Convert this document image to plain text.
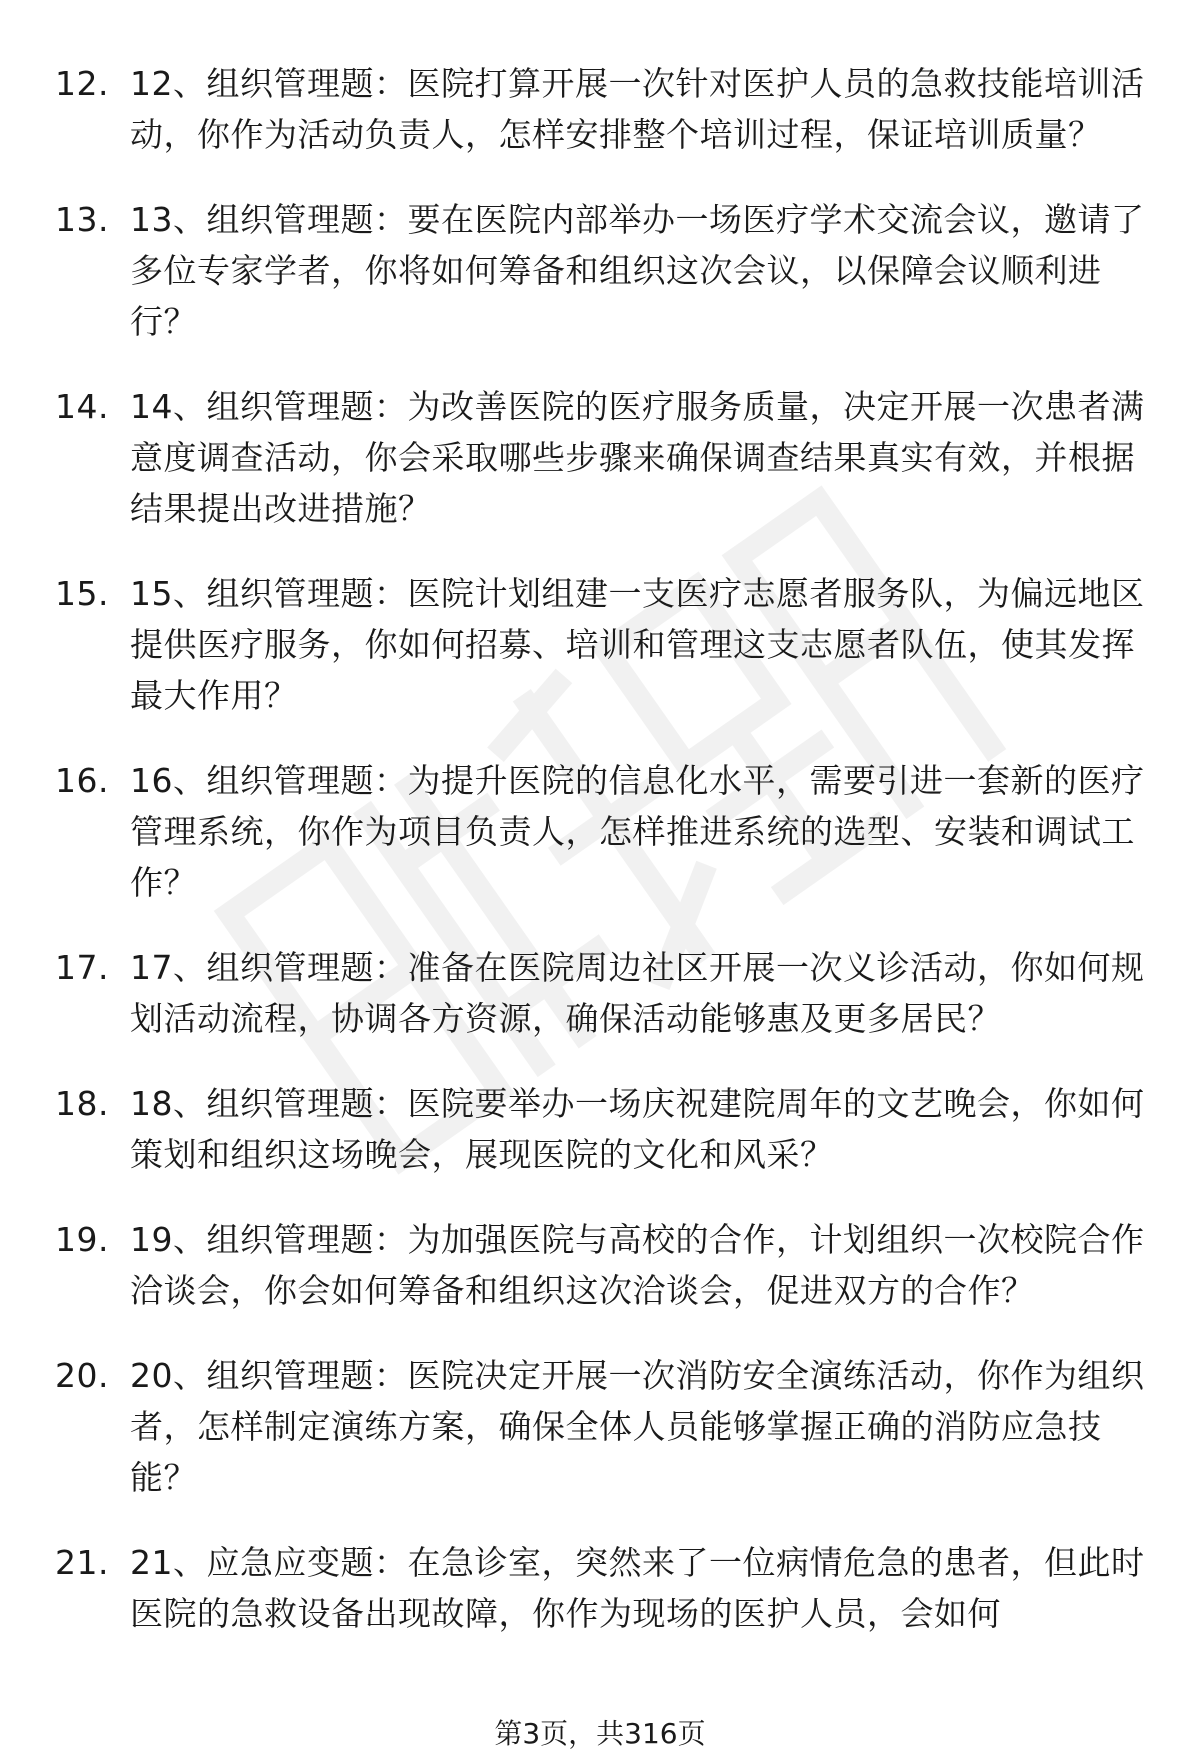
12. 12、组织管理题：医院打算开展一次针对医护人员的急救技能培训活动，你作为活动负责人，怎样安排整个培训过程，保证培训质量？
13. 13、组织管理题：要在医院内部举办一场医疗学术交流会议，邀请了多位专家学者，你将如何筹备和组织这次会议，以保障会议顺利进行？
14. 14、组织管理题：为改善医院的医疗服务质量，决定开展一次患者满意度调查活动，你会采取哪些步骤来确保调查结果真实有效，并根据结果提出改进措施？
15. 15、组织管理题：医院计划组建一支医疗志愿者服务队，为偏远地区提供医疗服务，你如何招募、培训和管理这支志愿者队伍，使其发挥最大作用？
16. 16、组织管理题：为提升医院的信息化水平，需要引进一套新的医疗管理系统，你作为项目负责人，怎样推进系统的选型、安装和调试工作？
17. 17、组织管理题：准备在医院周边社区开展一次义诊活动，你如何规划活动流程，协调各方资源，确保活动能够惠及更多居民？
18. 18、组织管理题：医院要举办一场庆祝建院周年的文艺晚会，你如何策划和组织这场晚会，展现医院的文化和风采？
19. 19、组织管理题：为加强医院与高校的合作，计划组织一次校院合作洽谈会，你会如何筹备和组织这次洽谈会，促进双方的合作？
20. 20、组织管理题：医院决定开展一次消防安全演练活动，你作为组织者，怎样制定演练方案，确保全体人员能够掌握正确的消防应急技能？
21. 21、应急应变题：在急诊室，突然来了一位病情危急的患者，但此时医院的急救设备出现故障，你作为现场的医护人员，会如何
第3页，共316页
